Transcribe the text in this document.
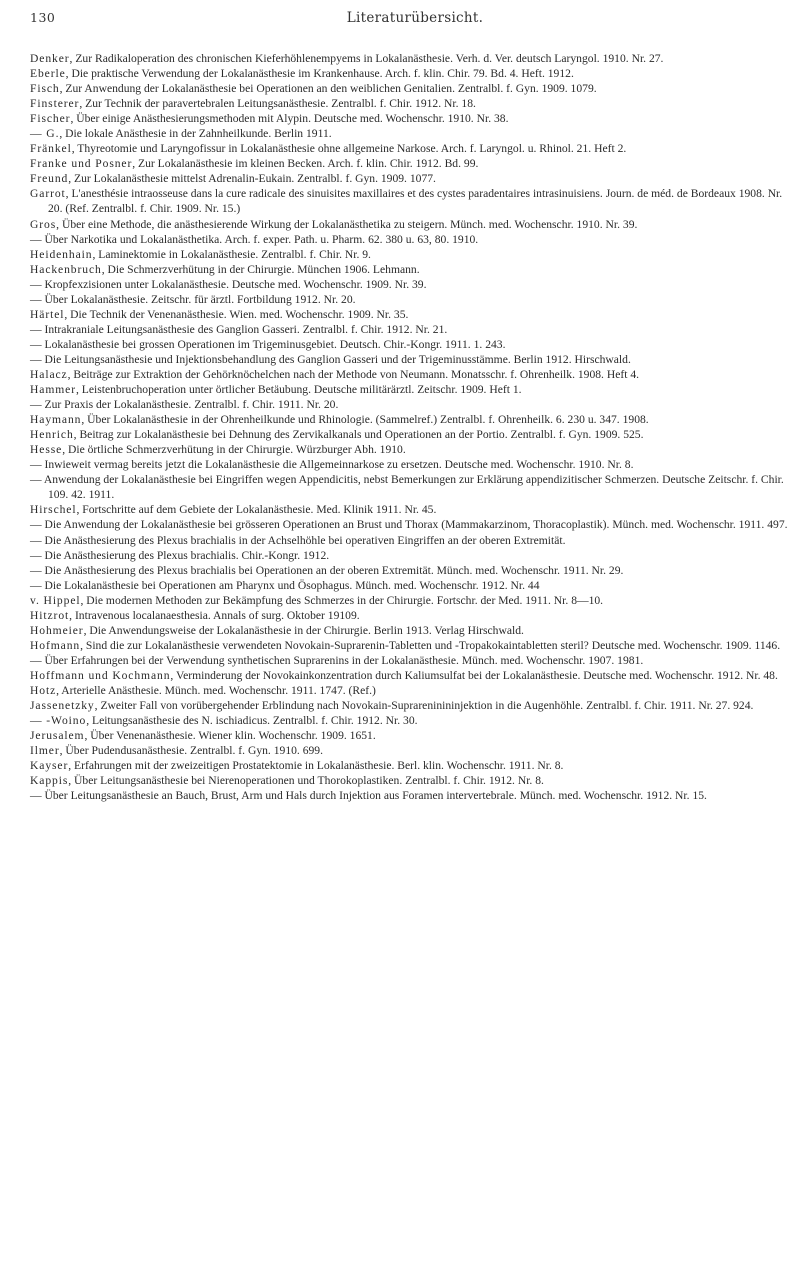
130	Literaturübersicht.
Denker, Zur Radikaloperation des chronischen Kieferhöhlenempyems in Lokalanästhesie. Verh. d. Ver. deutsch Laryngol. 1910. Nr. 27.
Eberle, Die praktische Verwendung der Lokalanästhesie im Krankenhause. Arch. f. klin. Chir. 79. Bd. 4. Heft. 1912.
Fisch, Zur Anwendung der Lokalanästhesie bei Operationen an den weiblichen Genitalien. Zentralbl. f. Gyn. 1909. 1079.
Finsterer, Zur Technik der paravertebralen Leitungsanästhesie. Zentralbl. f. Chir. 1912. Nr. 18.
Fischer, Über einige Anästhesierungsmethoden mit Alypin. Deutsche med. Wochenschr. 1910. Nr. 38.
— G., Die lokale Anästhesie in der Zahnheilkunde. Berlin 1911.
Fränkel, Thyreotomie und Laryngofissur in Lokalanästhesie ohne allgemeine Narkose. Arch. f. Laryngol. u. Rhinol. 21. Heft 2.
Franke und Posner, Zur Lokalanästhesie im kleinen Becken. Arch. f. klin. Chir. 1912. Bd. 99.
Freund, Zur Lokalanästhesie mittelst Adrenalin-Eukain. Zentralbl. f. Gyn. 1909. 1077.
Garrot, L'anesthésie intraosseuse dans la cure radicale des sinuisites maxillaires et des cystes paradentaires intrasinuisiens. Journ. de méd. de Bordeaux 1908. Nr. 20. (Ref. Zentralbl. f. Chir. 1909. Nr. 15.)
Gros, Über eine Methode, die anästhesierende Wirkung der Lokalanästhetika zu steigern. Münch. med. Wochenschr. 1910. Nr. 39.
— Über Narkotika und Lokalanästhetika. Arch. f. exper. Path. u. Pharm. 62. 380 u. 63, 80. 1910.
Heidenhain, Laminektomie in Lokalanästhesie. Zentralbl. f. Chir. Nr. 9.
Hackenbruch, Die Schmerzverhütung in der Chirurgie. München 1906. Lehmann.
— Kropfexzisionen unter Lokalanästhesie. Deutsche med. Wochenschr. 1909. Nr. 39.
— Über Lokalanästhesie. Zeitschr. für ärztl. Fortbildung 1912. Nr. 20.
Härtel, Die Technik der Venenanästhesie. Wien. med. Wochenschr. 1909. Nr. 35.
— Intrakraniale Leitungsanästhesie des Ganglion Gasseri. Zentralbl. f. Chir. 1912. Nr. 21.
— Lokalanästhesie bei grossen Operationen im Trigeminusgebiet. Deutsch. Chir.-Kongr. 1911. 1. 243.
— Die Leitungsanästhesie und Injektionsbehandlung des Ganglion Gasseri und der Trigeminusstämme. Berlin 1912. Hirschwald.
Halacz, Beiträge zur Extraktion der Gehörknöchelchen nach der Methode von Neumann. Monatsschr. f. Ohrenheilk. 1908. Heft 4.
Hammer, Leistenbruchoperation unter örtlicher Betäubung. Deutsche militärärztl. Zeitschr. 1909. Heft 1.
— Zur Praxis der Lokalanästhesie. Zentralbl. f. Chir. 1911. Nr. 20.
Haymann, Über Lokalanästhesie in der Ohrenheilkunde und Rhinologie. (Sammelref.) Zentralbl. f. Ohrenheilk. 6. 230 u. 347. 1908.
Henrich, Beitrag zur Lokalanästhesie bei Dehnung des Zervikalkanals und Operationen an der Portio. Zentralbl. f. Gyn. 1909. 525.
Hesse, Die örtliche Schmerzverhütung in der Chirurgie. Würzburger Abh. 1910.
— Inwieweit vermag bereits jetzt die Lokalanästhesie die Allgemeinnarkose zu ersetzen. Deutsche med. Wochenschr. 1910. Nr. 8.
— Anwendung der Lokalanästhesie bei Eingriffen wegen Appendicitis, nebst Bemerkungen zur Erklärung appendizitischer Schmerzen. Deutsche Zeitschr. f. Chir. 109. 42. 1911.
Hirschel, Fortschritte auf dem Gebiete der Lokalanästhesie. Med. Klinik 1911. Nr. 45.
— Die Anwendung der Lokalanästhesie bei grösseren Operationen an Brust und Thorax (Mammakarzinom, Thoracoplastik). Münch. med. Wochenschr. 1911. 497.
— Die Anästhesierung des Plexus brachialis in der Achselhöhle bei operativen Eingriffen an der oberen Extremität.
— Die Anästhesierung des Plexus brachialis. Chir.-Kongr. 1912.
— Die Anästhesierung des Plexus brachialis bei Operationen an der oberen Extremität. Münch. med. Wochenschr. 1911. Nr. 29.
— Die Lokalanästhesie bei Operationen am Pharynx und Ösophagus. Münch. med. Wochenschr. 1912. Nr. 44
v. Hippel, Die modernen Methoden zur Bekämpfung des Schmerzes in der Chirurgie. Fortschr. der Med. 1911. Nr. 8—10.
Hitzrot, Intravenous localanaesthesia. Annals of surg. Oktober 19109.
Hohmeier, Die Anwendungsweise der Lokalanästhesie in der Chirurgie. Berlin 1913. Verlag Hirschwald.
Hofmann, Sind die zur Lokalanästhesie verwendeten Novokain-Suprarenin-Tabletten und -Tropakokaintabletten steril? Deutsche med. Wochenschr. 1909. 1146.
— Über Erfahrungen bei der Verwendung synthetischen Suprarenins in der Lokalanästhesie. Münch. med. Wochenschr. 1907. 1981.
Hoffmann und Kochmann, Verminderung der Novokainkonzentration durch Kaliumsulfat bei der Lokalanästhesie. Deutsche med. Wochenschr. 1912. Nr. 48.
Hotz, Arterielle Anästhesie. Münch. med. Wochenschr. 1911. 1747. (Ref.)
Jassenetzky, Zweiter Fall von vorübergehender Erblindung nach Novokain-Suprareninininjektion in die Augenhöhle. Zentralbl. f. Chir. 1911. Nr. 27. 924.
— -Woino, Leitungsanästhesie des N. ischiadicus. Zentralbl. f. Chir. 1912. Nr. 30.
Jerusalem, Über Venenanästhesie. Wiener klin. Wochenschr. 1909. 1651.
Ilmer, Über Pudendusanästhesie. Zentralbl. f. Gyn. 1910. 699.
Kayser, Erfahrungen mit der zweizeitigen Prostatektomie in Lokalanästhesie. Berl. klin. Wochenschr. 1911. Nr. 8.
Kappis, Über Leitungsanästhesie bei Nierenoperationen und Thorokoplastiken. Zentralbl. f. Chir. 1912. Nr. 8.
— Über Leitungsanästhesie an Bauch, Brust, Arm und Hals durch Injektion aus Foramen intervertebrale. Münch. med. Wochenschr. 1912. Nr. 15.
